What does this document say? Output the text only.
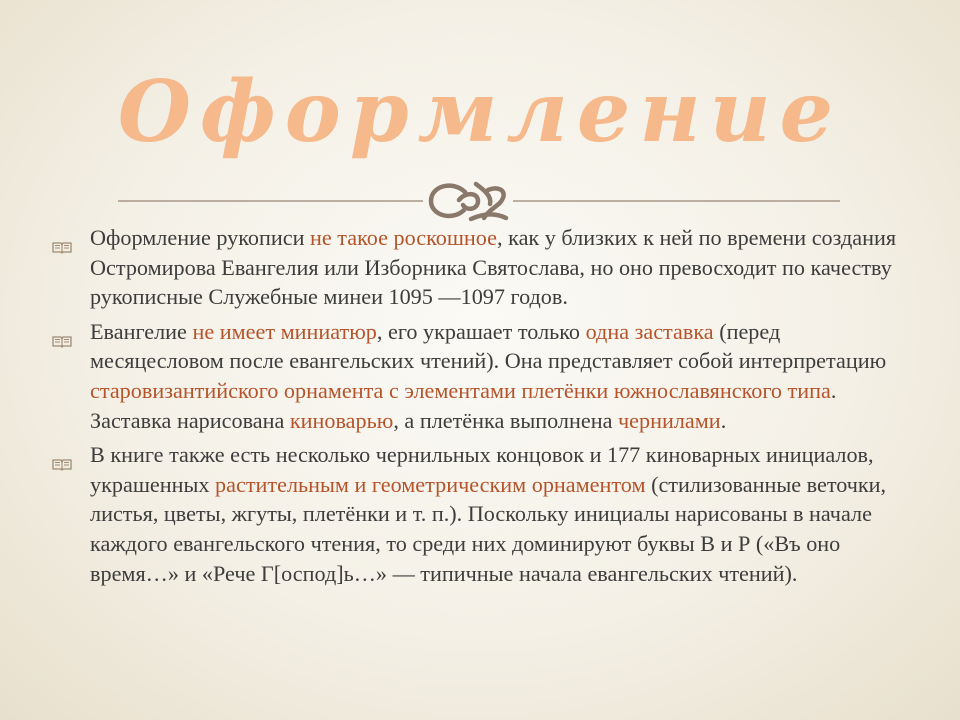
Оформление
Оформление рукописи не такое роскошное, как у близких к ней по времени создания Остромирова Евангелия или Изборника Святослава, но оно превосходит по качеству рукописные Служебные минеи 1095 —1097 годов.
Евангелие не имеет миниатюр, его украшает только одна заставка (перед месяцесловом после евангельских чтений). Она представляет собой интерпретацию старовизантийского орнамента с элементами плетёнки южнославянского типа. Заставка нарисована киноварью, а плетёнка выполнена чернилами.
В книге также есть несколько чернильных концовок и 177 киноварных инициалов, украшенных растительным и геометрическим орнаментом (стилизованные веточки, листья, цветы, жгуты, плетёнки и т. п.). Поскольку инициалы нарисованы в начале каждого евангельского чтения, то среди них доминируют буквы В и Р («Въ оно время…» и «Рече Г[оспод]ь…» — типичные начала евангельских чтений).
